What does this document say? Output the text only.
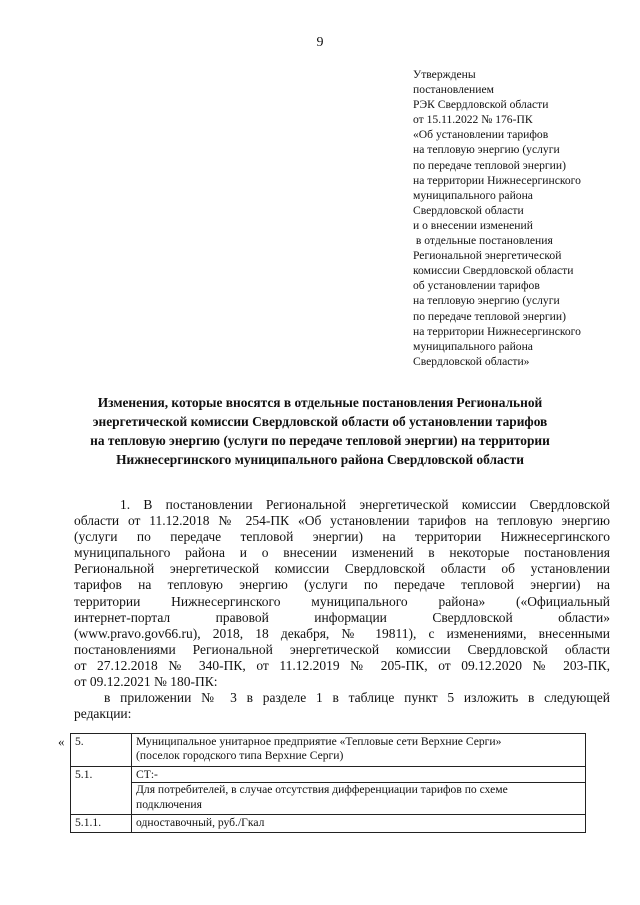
9
Утверждены
постановлением
РЭК Свердловской области
от 15.11.2022 № 176-ПК
«Об установлении тарифов
на тепловую энергию (услуги
по передаче тепловой энергии)
на территории Нижнесергинского
муниципального района
Свердловской области
и о внесении изменений
в отдельные постановления
Региональной энергетической
комиссии Свердловской области
об установлении тарифов
на тепловую энергию (услуги
по передаче тепловой энергии)
на территории Нижнесергинского
муниципального района
Свердловской области»
Изменения, которые вносятся в отдельные постановления Региональной
энергетической комиссии Свердловской области об установлении тарифов
на тепловую энергию (услуги по передаче тепловой энергии) на территории
Нижнесергинского муниципального района Свердловской области
1. В постановлении Региональной энергетической комиссии Свердловской
области от 11.12.2018 № 254-ПК «Об установлении тарифов на тепловую энергию
(услуги по передаче тепловой энергии) на территории Нижнесергинского
муниципального района и о внесении изменений в некоторые постановления
Региональной энергетической комиссии Свердловской области об установлении
тарифов на тепловую энергию (услуги по передаче тепловой энергии) на
территории Нижнесергинского муниципального района» («Официальный
интернет-портал правовой информации Свердловской области»
(www.pravo.gov66.ru), 2018, 18 декабря, № 19811), с изменениями, внесенными
постановлениями Региональной энергетической комиссии Свердловской области
от 27.12.2018 № 340-ПК, от 11.12.2019 № 205-ПК, от 09.12.2020 № 203-ПК,
от 09.12.2021 № 180-ПК:
в приложении № 3 в разделе 1 в таблице пункт 5 изложить в следующей
редакции:
« 5.	Муниципальное унитарное предприятие «Тепловые сети Верхние Серги»
(поселок городского типа Верхние Серги)

5.1.	СТ:-
Для потребителей, в случае отсутствия дифференциации тарифов по схеме
подключения

5.1.1.	одноставочный, руб./Гкал
